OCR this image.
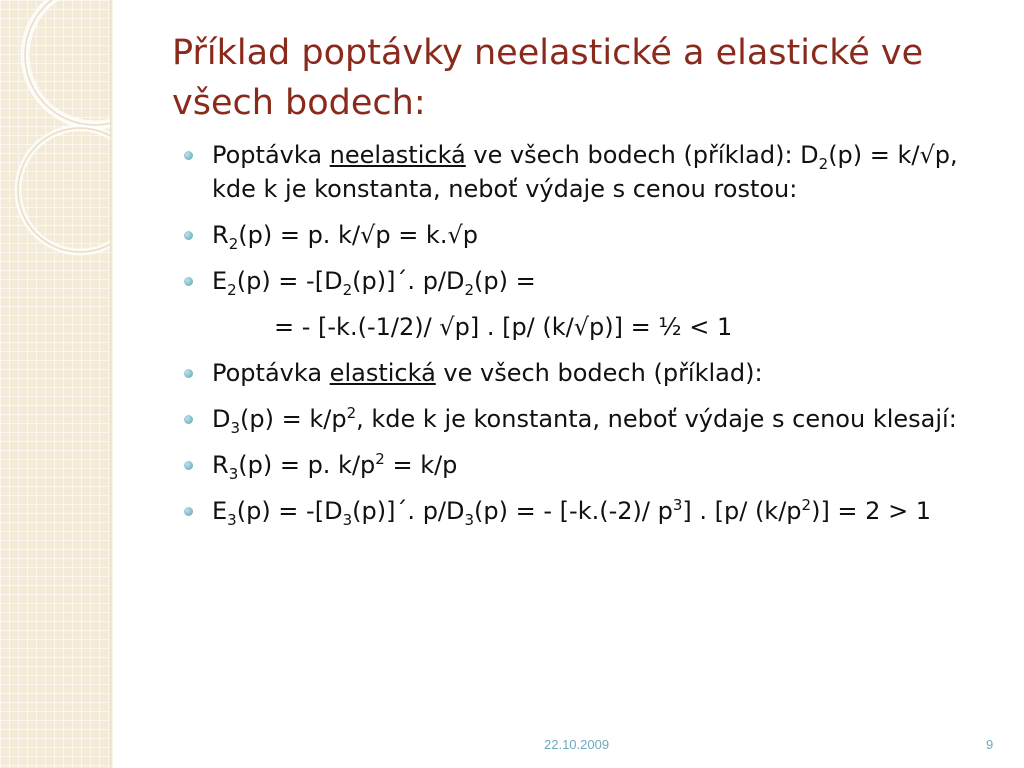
Příklad poptávky neelastické a elastické ve všech bodech:
Poptávka neelastická ve všech bodech (příklad): $D_2(p) = k/√p$, kde k je konstanta, neboť výdaje s cenou rostou:
$R_2(p) = p$. k/√p = k.√p
$E_2(p)$ = $-[D_2(p)]´$. $p/D_2(p)$ =
= - [-k.(-1/2)/ √p] . [p/ (k/√p)] = ½ < 1
Poptávka elastická ve všech bodech (příklad):
$D_3(p) = k/p^2$, kde k je konstanta, neboť výdaje s cenou klesají:
$R_3(p) = p$. $k/p^2 = k/p$
$E_3(p)$ = $-[D_3(p)]´$. $p/D_3(p)$ = - [-k.(-2)/ $p^3$] . [p/ $(k/p^2)] = 2 > 1$
22.10.2009	9
